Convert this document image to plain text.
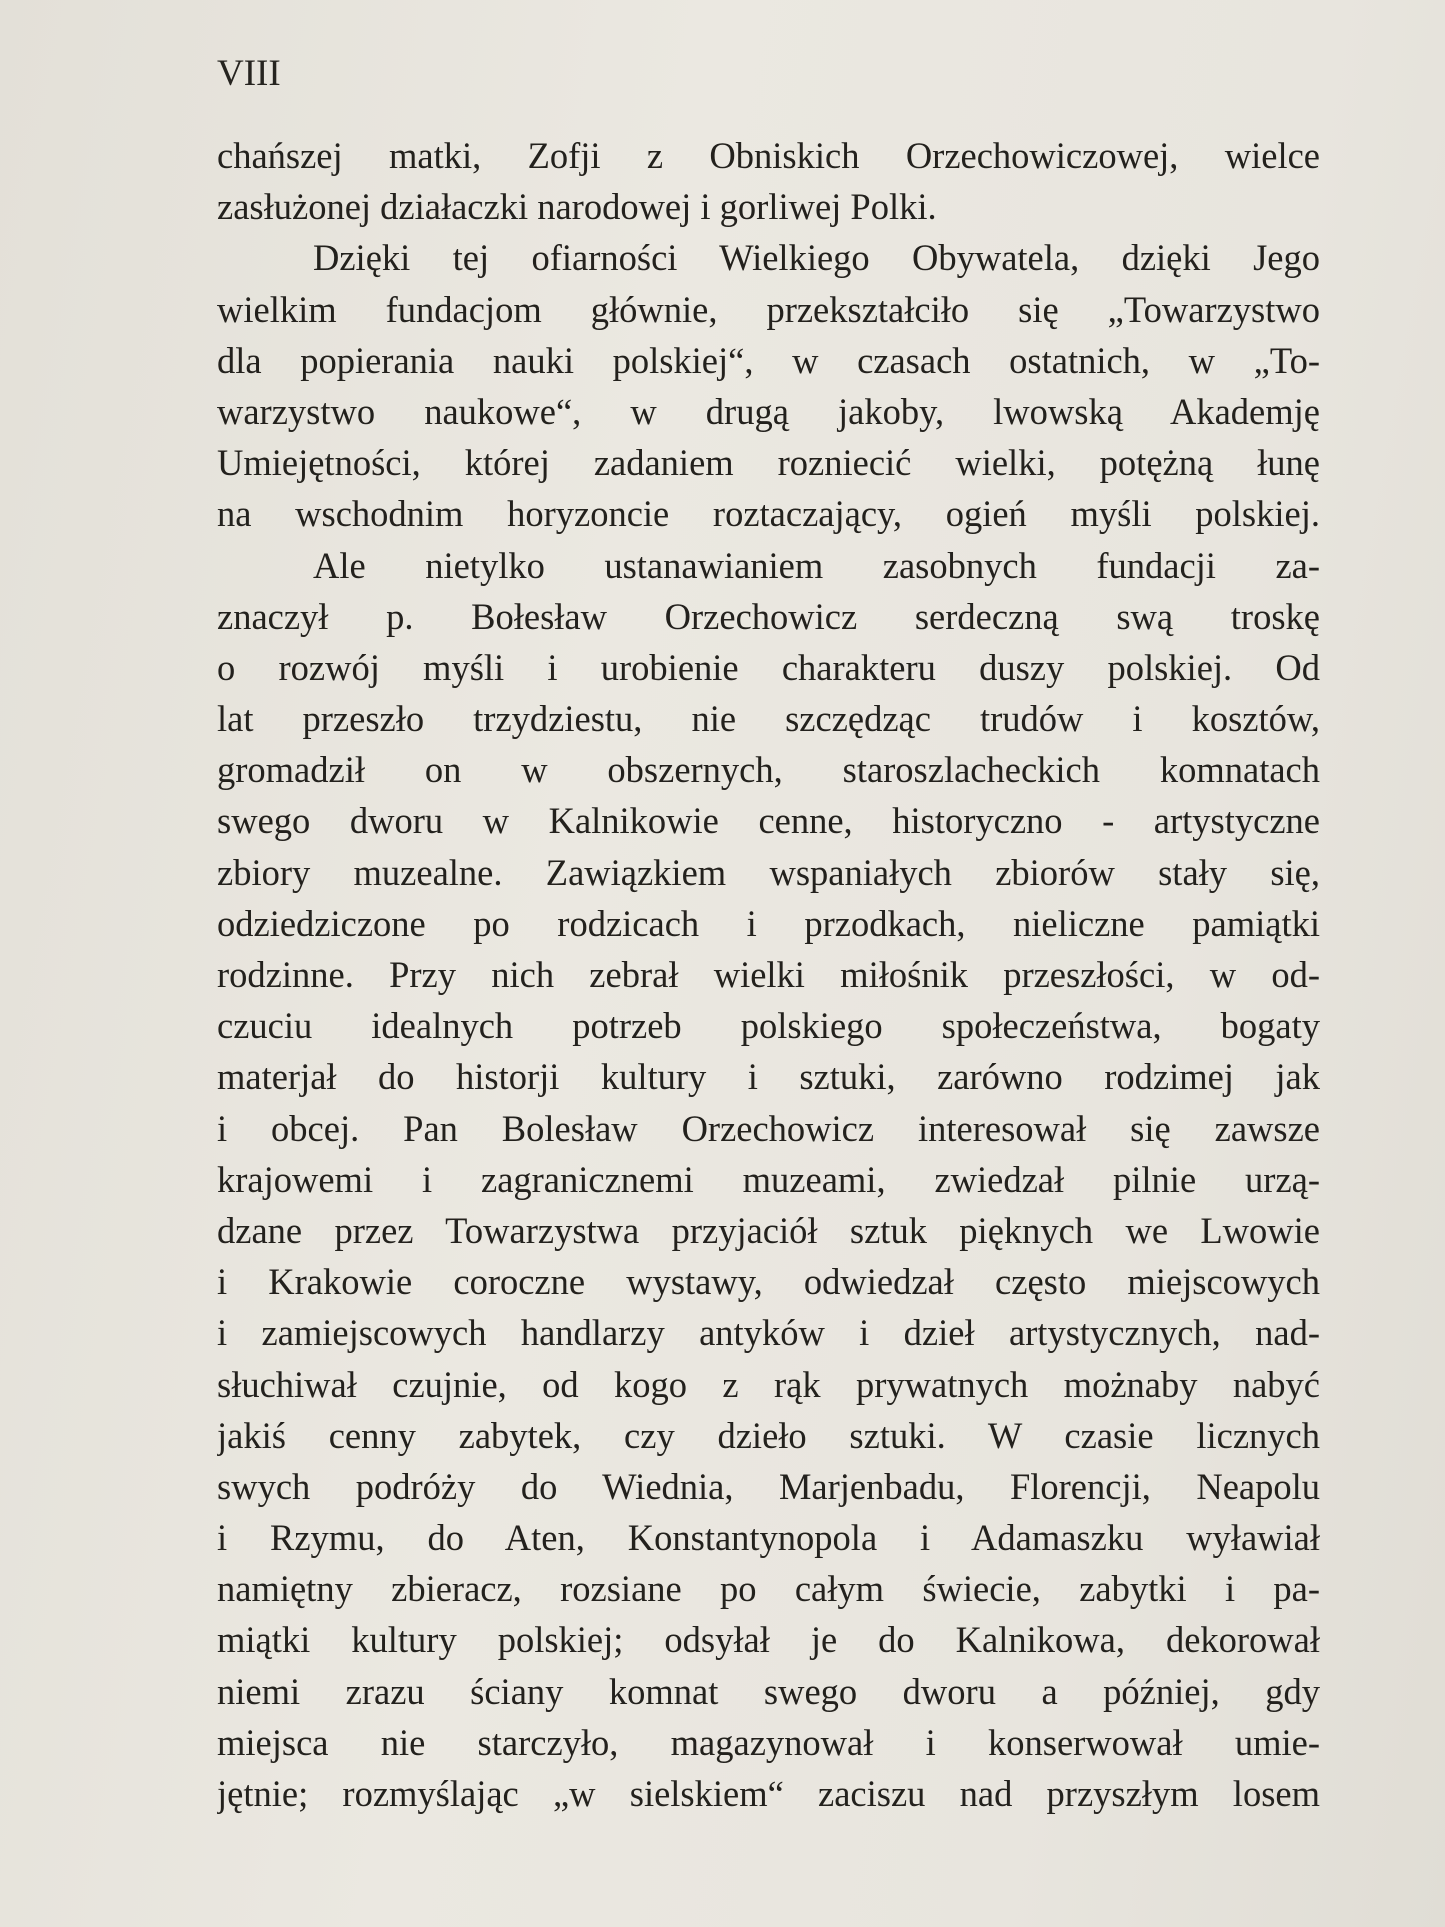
VIII
chańszej matki, Zofji z Obniskich Orzechowiczowej, wielce
zasłużonej działaczki narodowej i gorliwej Polki.
Dzięki tej ofiarności Wielkiego Obywatela, dzięki Jego
wielkim fundacjom głównie, przekształciło się „Towarzystwo
dla popierania nauki polskiej“, w czasach ostatnich, w „To-
warzystwo naukowe“, w drugą jakoby, lwowską Akademję
Umiejętności, której zadaniem rozniecić wielki, potężną łunę
na wschodnim horyzoncie roztaczający, ogień myśli polskiej.
Ale nietylko ustanawianiem zasobnych fundacji za-
znaczył p. Bołesław Orzechowicz serdeczną swą troskę
o rozwój myśli i urobienie charakteru duszy polskiej. Od
lat przeszło trzydziestu, nie szczędząc trudów i kosztów,
gromadził on w obszernych, staroszlacheckich komnatach
swego dworu w Kalnikowie cenne, historyczno - artystyczne
zbiory muzealne. Zawiązkiem wspaniałych zbiorów stały się,
odziedziczone po rodzicach i przodkach, nieliczne pamiątki
rodzinne. Przy nich zebrał wielki miłośnik przeszłości, w od-
czuciu idealnych potrzeb polskiego społeczeństwa, bogaty
materjał do historji kultury i sztuki, zarówno rodzimej jak
i obcej. Pan Bolesław Orzechowicz interesował się zawsze
krajowemi i zagranicznemi muzeami, zwiedzał pilnie urzą-
dzane przez Towarzystwa przyjaciół sztuk pięknych we Lwowie
i Krakowie coroczne wystawy, odwiedzał często miejscowych
i zamiejscowych handlarzy antyków i dzieł artystycznych, nad-
słuchiwał czujnie, od kogo z rąk prywatnych możnaby nabyć
jakiś cenny zabytek, czy dzieło sztuki. W czasie licznych
swych podróży do Wiednia, Marjenbadu, Florencji, Neapolu
i Rzymu, do Aten, Konstantynopola i Adamaszku wyławiał
namiętny zbieracz, rozsiane po całym świecie, zabytki i pa-
miątki kultury polskiej; odsyłał je do Kalnikowa, dekorował
niemi zrazu ściany komnat swego dworu a później, gdy
miejsca nie starczyło, magazynował i konserwował umie-
jętnie; rozmyślając „w sielskiem“ zaciszu nad przyszłym losem
